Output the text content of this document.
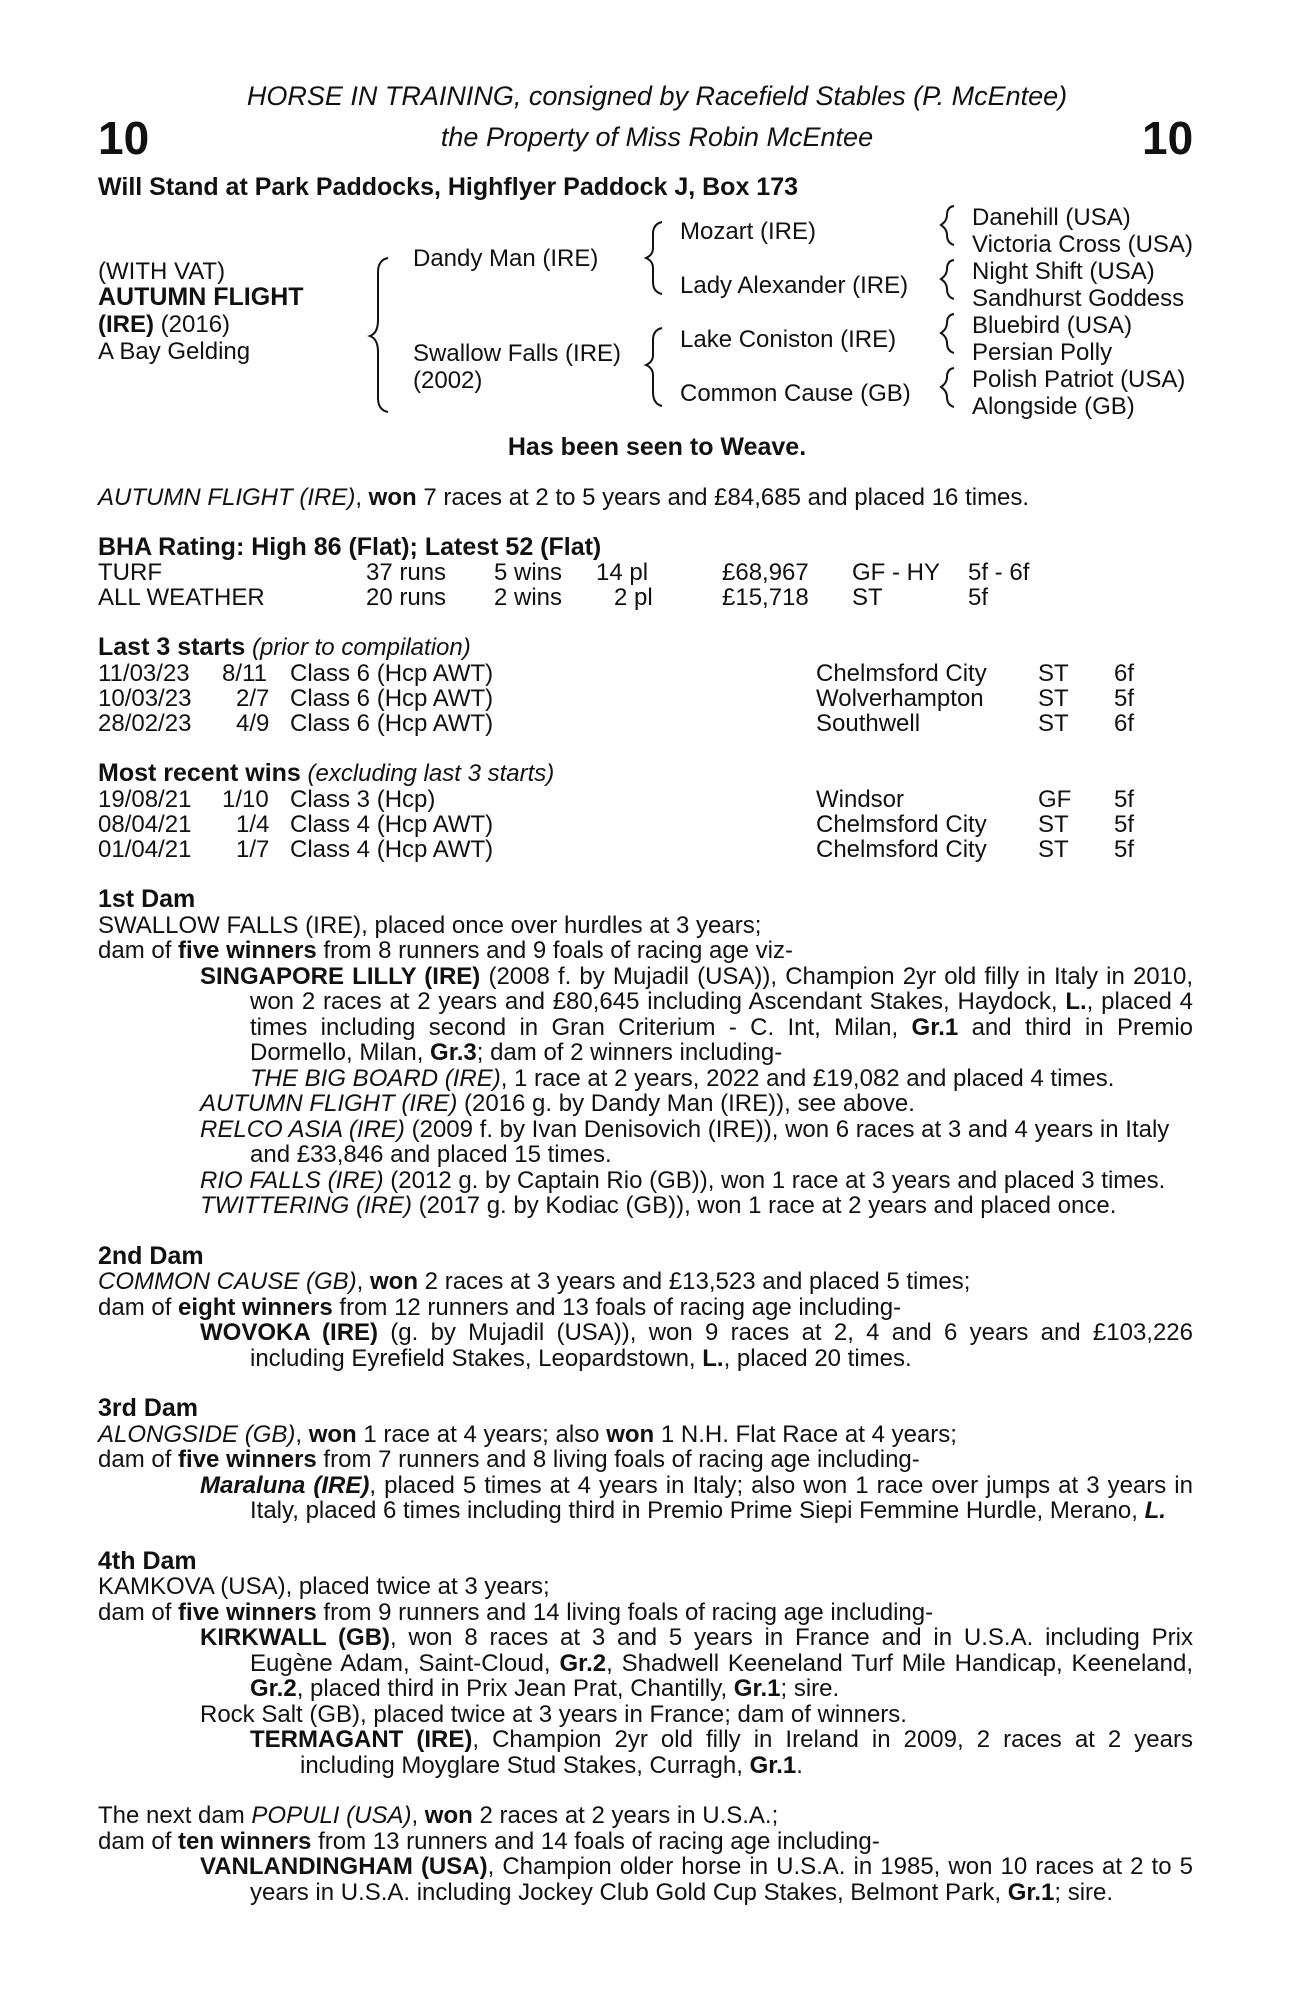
10	10
HORSE IN TRAINING, consigned by Racefield Stables (P. McEntee)
the Property of Miss Robin McEntee
Will Stand at Park Paddocks, Highflyer Paddock J, Box 173
(WITH VAT)
AUTUMN FLIGHT
(IRE) (2016)
A Bay Gelding
Dandy Man (IRE)
Swallow Falls (IRE)
(2002)
Mozart (IRE)
Lady Alexander (IRE)
Lake Coniston (IRE)
Common Cause (GB)
Danehill (USA)
Victoria Cross (USA)
Night Shift (USA)
Sandhurst Goddess
Bluebird (USA)
Persian Polly
Polish Patriot (USA)
Alongside (GB)
Has been seen to Weave.
AUTUMN FLIGHT (IRE), won 7 races at 2 to 5 years and £84,685 and placed 16 times.
BHA Rating: High 86 (Flat); Latest 52 (Flat)
TURF	37 runs 5 wins 14 pl	£68,967 GF - HY 5f - 6f
ALL WEATHER	20 runs 2 wins 2 pl	£15,718 ST	5f
Last 3 starts (prior to compilation)
11/03/23 8/11 Class 6 (Hcp AWT)	Chelmsford City ST 6f
10/03/23 2/7 Class 6 (Hcp AWT)	Wolverhampton ST 5f
28/02/23 4/9 Class 6 (Hcp AWT)	Southwell	ST 6f
Most recent wins (excluding last 3 starts)
19/08/21 1/10 Class 3 (Hcp)	Windsor	GF 5f
08/04/21 1/4 Class 4 (Hcp AWT)	Chelmsford City ST 5f
01/04/21 1/7 Class 4 (Hcp AWT)	Chelmsford City ST 5f

1st Dam

SWALLOW FALLS (IRE), placed once over hurdles at 3 years;

dam of five winners from 8 runners and 9 foals of racing age viz-

SINGAPORE LILLY (IRE) (2008 f. by Mujadil (USA)), Champion 2yr old filly in Italy in 2010, won 2 races at 2 years and £80,645 including Ascendant Stakes, Haydock, L., placed 4 times including second in Gran Criterium - C. Int, Milan, Gr.1 and third in Premio Dormello, Milan, Gr.3; dam of 2 winners including-

THE BIG BOARD (IRE), 1 race at 2 years, 2022 and £19,082 and placed 4 times.

AUTUMN FLIGHT (IRE) (2016 g. by Dandy Man (IRE)), see above.

RELCO ASIA (IRE) (2009 f. by Ivan Denisovich (IRE)), won 6 races at 3 and 4 years in Italy and £33,846 and placed 15 times.

RIO FALLS (IRE) (2012 g. by Captain Rio (GB)), won 1 race at 3 years and placed 3 times.

TWITTERING (IRE) (2017 g. by Kodiac (GB)), won 1 race at 2 years and placed once.

2nd Dam

COMMON CAUSE (GB), won 2 races at 3 years and £13,523 and placed 5 times;

dam of eight winners from 12 runners and 13 foals of racing age including-

WOVOKA (IRE) (g. by Mujadil (USA)), won 9 races at 2, 4 and 6 years and £103,226 including Eyrefield Stakes, Leopardstown, L., placed 20 times.

3rd Dam

ALONGSIDE (GB), won 1 race at 4 years; also won 1 N.H. Flat Race at 4 years;

dam of five winners from 7 runners and 8 living foals of racing age including-

Maraluna (IRE), placed 5 times at 4 years in Italy; also won 1 race over jumps at 3 years in Italy, placed 6 times including third in Premio Prime Siepi Femmine Hurdle, Merano, L.

4th Dam

KAMKOVA (USA), placed twice at 3 years;

dam of five winners from 9 runners and 14 living foals of racing age including-

KIRKWALL (GB), won 8 races at 3 and 5 years in France and in U.S.A. including Prix Eugène Adam, Saint-Cloud, Gr.2, Shadwell Keeneland Turf Mile Handicap, Keeneland, Gr.2, placed third in Prix Jean Prat, Chantilly, Gr.1; sire.

Rock Salt (GB), placed twice at 3 years in France; dam of winners.

TERMAGANT (IRE), Champion 2yr old filly in Ireland in 2009, 2 races at 2 years including Moyglare Stud Stakes, Curragh, Gr.1.

The next dam POPULI (USA), won 2 races at 2 years in U.S.A.;

dam of ten winners from 13 runners and 14 foals of racing age including-

VANLANDINGHAM (USA), Champion older horse in U.S.A. in 1985, won 10 races at 2 to 5 years in U.S.A. including Jockey Club Gold Cup Stakes, Belmont Park, Gr.1; sire.
